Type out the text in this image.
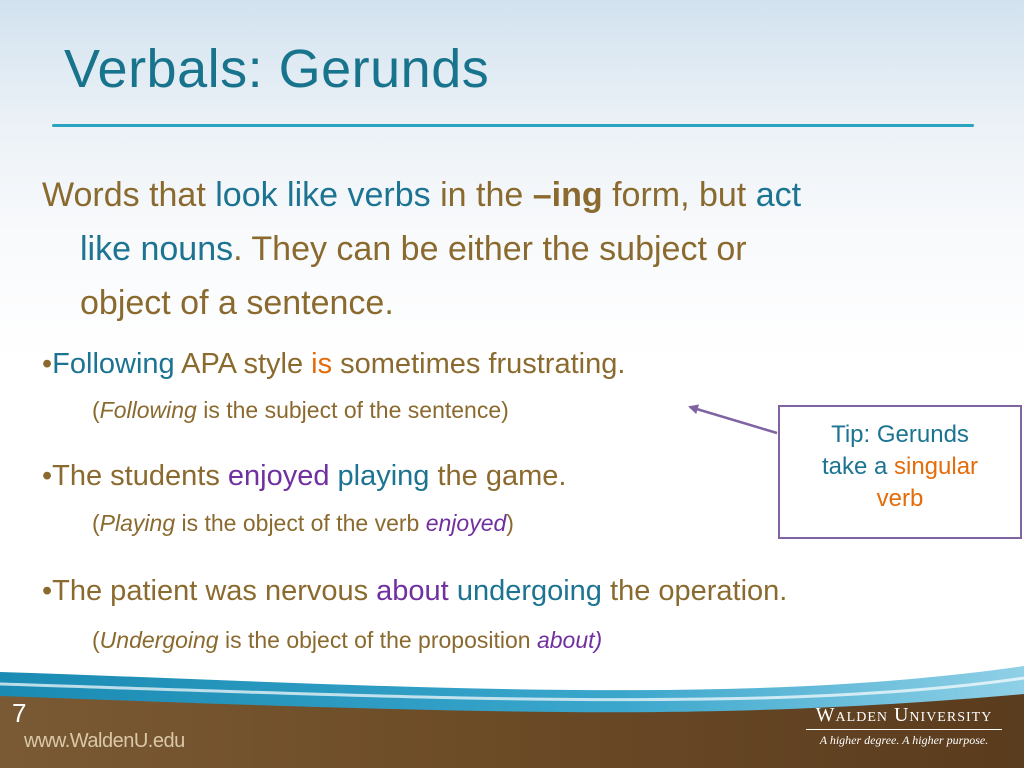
Verbals: Gerunds
Words that look like verbs in the –ing form, but act
like nouns. They can be either the subject or
object of a sentence.
•Following APA style is sometimes frustrating.
(Following is the subject of the sentence)
•The students enjoyed playing the game.
(Playing is the object of the verb enjoyed)
•The patient was nervous about undergoing the operation.
(Undergoing is the object of the proposition about)
Tip: Gerunds
take a singular
verb
7
www.WaldenU.edu
Walden University
A higher degree. A higher purpose.
